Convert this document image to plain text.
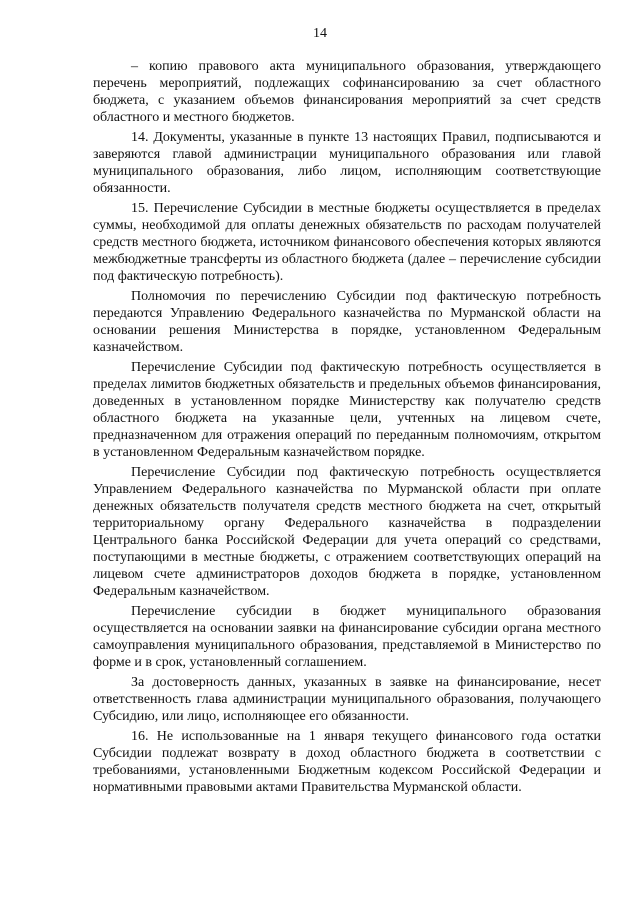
14

– копию правового акта муниципального образования, утверждающего перечень мероприятий, подлежащих софинансированию за счет областного бюджета, с указанием объемов финансирования мероприятий за счет средств областного и местного бюджетов.

14. Документы, указанные в пункте 13 настоящих Правил, подписываются и заверяются главой администрации муниципального образования или главой муниципального образования, либо лицом, исполняющим соответствующие обязанности.

15. Перечисление Субсидии в местные бюджеты осуществляется в пределах суммы, необходимой для оплаты денежных обязательств по расходам получателей средств местного бюджета, источником финансового обеспечения которых являются межбюджетные трансферты из областного бюджета (далее – перечисление субсидии под фактическую потребность).

Полномочия по перечислению Субсидии под фактическую потребность передаются Управлению Федерального казначейства по Мурманской области на основании решения Министерства в порядке, установленном Федеральным казначейством.

Перечисление Субсидии под фактическую потребность осуществляется в пределах лимитов бюджетных обязательств и предельных объемов финансирования, доведенных в установленном порядке Министерству как получателю средств областного бюджета на указанные цели, учтенных на лицевом счете, предназначенном для отражения операций по переданным полномочиям, открытом в установленном Федеральным казначейством порядке.

Перечисление Субсидии под фактическую потребность осуществляется Управлением Федерального казначейства по Мурманской области при оплате денежных обязательств получателя средств местного бюджета на счет, открытый территориальному органу Федерального казначейства в подразделении Центрального банка Российской Федерации для учета операций со средствами, поступающими в местные бюджеты, с отражением соответствующих операций на лицевом счете администраторов доходов бюджета в порядке, установленном Федеральным казначейством.

Перечисление субсидии в бюджет муниципального образования осуществляется на основании заявки на финансирование субсидии органа местного самоуправления муниципального образования, представляемой в Министерство по форме и в срок, установленный соглашением.

За достоверность данных, указанных в заявке на финансирование, несет ответственность глава администрации муниципального образования, получающего Субсидию, или лицо, исполняющее его обязанности.

16. Не использованные на 1 января текущего финансового года остатки Субсидии подлежат возврату в доход областного бюджета в соответствии с требованиями, установленными Бюджетным кодексом Российской Федерации и нормативными правовыми актами Правительства Мурманской области.
